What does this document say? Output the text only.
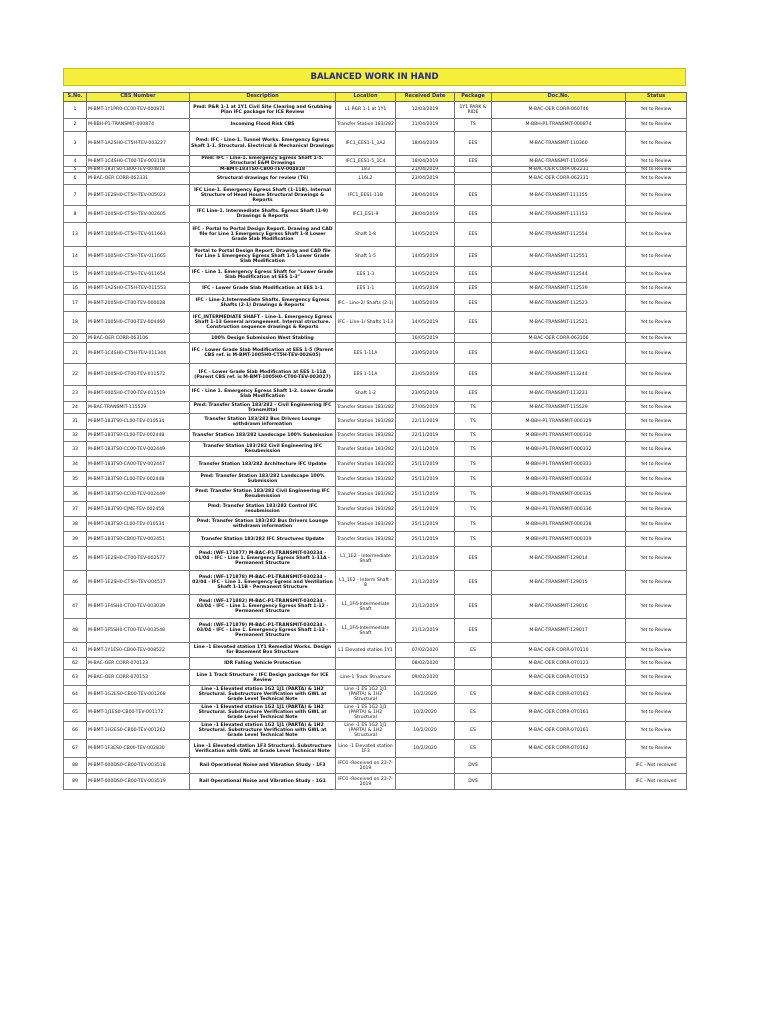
BALANCED WORK IN HAND
S.No.	CBS Number	Description	Location	Received Date	Package	Doc.No.	Status
1	M-BMT-1Y1PR0-CC00-TEV-000871	Pmd: P&R 1-1 at 1Y1 Civil Site Clearing and Grubbing Plan IFC package for ICE Review	L1 P&R 1-1 at 1Y1	12/03/2019	1Y1 PARK & RIDE	M-BAC-OER CORR-060746	Yet to Review
2	M-BBH-P1-TRANSMIT-000874	Incoming Flood Risk CBS	Transfer Station 183/282	11/04/2019	TS	M-BBH-P1-TRANSMIT-000874	Yet to Review
3	M-BMT-1A2SH0-CT5H-TEV-003227	Pmd: IFC - Line-1. Tunnel Works. Emergency Egress Shaft 1-1. Structural. Electrical & Mechanical Drawings	IFC1_EES1-1_1A2	18/04/2019	EES	M-BAC-TRANSMIT-110360	Yet to Review
4	M-BMT-1C4SH0-CT00-TEV-003158	Pmd: IFC - Line-1. Emergency Egress Shaft 1-5. Structural E&M Drawings	IFC1_EES1-5_1C4	18/04/2019	EES	M-BAC-TRANSMIT-110359	Yet to Review
5	M-BMT-183TS0-CB00-TEV-004818	M-BMT-183TS0-CB00-TEV-004818	183	21/04/2019		M-BAC-OER CORR-062231	Yet to Review
6	M-BAC-OER CORR-062331	Structural drawings for review (T6)	L16L2	23/04/2019		M-BAC-OER CORR-062331	Yet to Review
7	M-BMT-1E2SH0-CT5H-TEV-005023	IFC Line-1. Emergency Egress Shaft (1-11B). Internal Structure of Head House Structural Drawings & Reports	IFC1_EES1-11B	28/04/2019	EES	M-BAC-TRANSMIT-111155	Yet to Review
8	M-BMT-1005H0-CT5H-TEV-002605	IFC Line-1. Intermediate Shafts. Egress Shaft (1-9) Drawings & Reports	IFC1_ES1-9	28/04/2019	EES	M-BAC-TRANSMIT-111153	Yet to Review
13	M-BMT-1005H0-CT5H-TEV-011663	IFC - Portal to Portal Design Report. Drawing and CAD file for Line 1 Emergency Egress Shaft 1-8 Lower Grade Slab Modification	Shaft 1-8	14/05/2019	EES	M-BAC-TRANSMIT-112554	Yet to Review
14	M-BMT-1005H0-CT5H-TEV-011665	Portal to Portal Design Report. Drawing and CAD file for Line 1 Emergency Egress Shaft 1-5 Lower Grade Slab Modification	Shaft 1-5	14/05/2019	EES	M-BAC-TRANSMIT-112551	Yet to Review
15	M-BMT-1005H0-CT5H-TEV-011654	IFC - Line 1. Emergency Egress Shaft for "Lower Grade Slab Modification at EES 1-3"	EES 1-3	14/05/2019	EES	M-BAC-TRANSMIT-112544	Yet to Review
16	M-BMT-1A2SH0-CT5H-TEV-011553	IFC - Lower Grade Slab Modification at EES 1-1	EES 1-1	14/05/2019	EES	M-BAC-TRANSMIT-112539	Yet to Review
17	M-BMT-2005H0-CT00-TEV-000028	IFC - Line-2.Intermediate Shafts. Emergency Egress Shafts (2-1) Drawings & Reports	IFC - Line-2/ Shafts (2-1)	14/05/2019	EES	M-BAC-TRANSMIT-112523	Yet to Review
18	M-BMT-1005H0-CT00-TEV-004460	IFC_INTERMEDIATE SHAFT - Line-1. Emergency Egress Shaft 1-13 General arrangement. Internal structure. Construction sequence drawings & Reports	IFC - Line-1/ Shafts 1-13	14/05/2019	EES	M-BAC-TRANSMIT-112521	Yet to Review
20	M-BAC-OER CORR-063106	100% Design Submission West Stabling		16/05/2019		M-BAC-OER CORR-063106	Yet to Review
21	M-BMT-1C4SH0-CT5H-TEV-011344	IFC - Lower Grade Slab Modification at EES 1-5 (Parent CBS ref. is M-BMT-1005H0-CT5H-TEV-002605)	EES 1-11A	23/05/2019	EES	M-BAC-TRANSMIT-113261	Yet to Review
22	M-BMT-1005H0-CT00-TEV-011572	IFC - Lower Grade Slab Modification at EES 1-11A (Parent CBS ref. is M-BMT-1005H0-CT00-TEV-003027)	EES 1-11A	23/05/2019	EES	M-BAC-TRANSMIT-113244	Yet to Review
23	M-BMT-0005H0-CT00-TEV-011519	IFC - Line 1. Emergency Egress Shaft 1-2. Lower Grade Slab Modification	Shaft 1-2	23/05/2019	EES	M-BAC-TRANSMIT-113231	Yet to Review
24	M-BAC-TRANSMIT-115529	Pmd: Transfer Station 183/282 - Civil Engineering IFC Transmittal	Transfer Station 183/282	27/06/2019	TS	M-BAC-TRANSMIT-115529	Yet to Review
31	M-BMT-183TS0-CL00-TEV-010534	Transfer Station 183/282 Bus Drivers Lounge withdrawn information	Transfer Station 183/282	22/11/2019	TS	M-BBH-P1-TRANSMIT-000329	Yet to Review
32	M-BMT-183TS0-CL00-TEV-002448	Transfer Station 183/282 Landscape 100% Submission	Transfer Station 183/282	22/11/2019	TS	M-BBH-P1-TRANSMIT-000330	Yet to Review
33	M-BMT-183TS0-CC00-TEV-002449	Transfer Station 183/282 Civil Engineering IFC Resubmission	Transfer Station 183/282	22/11/2019	TS	M-BBH-P1-TRANSMIT-000332	Yet to Review
34	M-BMT-183TS0-CA00-TEV-002447	Transfer Station 183/282 Architecture IFC Update	Transfer Station 183/282	25/11/2019	TS	M-BBH-P1-TRANSMIT-000333	Yet to Review
35	M-BMT-183TS0-CL00-TEV-002448	Pmd: Transfer Station 183/282 Landscape 100% Submission	Transfer Station 183/282	25/11/2019	TS	M-BBH-P1-TRANSMIT-000334	Yet to Review
36	M-BMT-183TS0-CC00-TEV-002449	Pmd: Transfer Station 183/282 Civil Engineering IFC Resubmission	Transfer Station 183/282	25/11/2019	TS	M-BBH-P1-TRANSMIT-000335	Yet to Review
37	M-BMT-183TS0-CJME-TEV-002458	Pmd: Transfer Station 183/282 Control IFC resubmission	Transfer Station 183/282	25/11/2019	TS	M-BBH-P1-TRANSMIT-000336	Yet to Review
38	M-BMT-183TS0-CL00-TEV-010534	Pmd: Transfer Station 183/282 Bus Drivers Lounge withdrawn information	Transfer Station 183/282	25/11/2019	TS	M-BBH-P1-TRANSMIT-000338	Yet to Review
39	M-BMT-183TS0-CB00-TEV-002451	Transfer Station 183/282 IFC Structures Update	Transfer Station 183/282	25/11/2019	TS	M-BBH-P1-TRANSMIT-000339	Yet to Review
45	M-BMT-1E2SH0-CT00-TEV-002577	Pmd: (WF-171877) M-BAC-P1-TRANSMIT-030234 - 01/04 - IFC - Line 1. Emergency Egress Shaft 1-11A - Permanent Structure	L1_1E2 - Intermediate Shaft	21/12/2019	EES	M-BAC-TRANSMIT-129014	Yet to Review
46	M-BMT-1E2SH0-CT5H-TEV-004517	Pmd: (WF-171878) M-BAC-P1-TRANSMIT-030234 - 02/04 - IFC - Line 1. Emergency Egress and Ventilation Shaft 1-11B - Permanent Structure	L1_1E2 - Interm Shaft - 8	21/12/2019	EES	M-BAC-TRANSMIT-129015	Yet to Review
47	M-BMT-1F4SH0-CT00-TEV-003039	Pmd: (WF-171882) M-BAC-P1-TRANSMIT-030234 - 03/04 - IFC - Line 1. Emergency Egress Shaft 1-12 - Permanent Structure	L1_1F4-Intermediate Shaft	21/12/2019	EES	M-BAC-TRANSMIT-129016	Yet to Review
48	M-BMT-1F5SH0-CT00-TEV-003548	Pmd: (WF-171879) M-BAC-P1-TRANSMIT-030234 - 03/04 - IFC - Line 1. Emergency Egress Shaft 1-13 - Permanent Structure	L1_1F4-Intermediate Shaft	21/12/2019	EES	M-BAC-TRANSMIT-129017	Yet to Review
61	M-BMT-1Y1ES0-CB00-TEV-008522	Line -1 Elevated station 1Y1 Remedial Works. Design for Basement Box Structure	L1 Elevated station 1Y1	07/02/2020	ES	M-BAC-OER CORR-070110	Yet to Review
62	M-BAC-OER CORR-070123	IDR Falling Vehicle Protection		08/02/2020		M-BAC-OER CORR-070123	Yet to Review
63	M-BAC-OER CORR-070153	Line 1 Track Structure : IFC Design package for ICE Review	Line-1 Track Structure	09/02/2020		M-BAC-OER CORR-070153	Yet to Review
64	M-BMT-1G2ES0-CB00-TEV-001268	Line -1 Elevated station 1G2 1J1 (PARTA) & 1H2 Structural. Substructure Verification with GWL at Grade Level Technical Note	Line -1 ES 1G2 1J1 (PARTA) & 1H2 Structural	10/2/2020	ES	M-BAC-OER CORR-070161	Yet to Review
65	M-BMT-1J1ES0-CB00-TEV-001172	Line -1 Elevated station 1G2 1J1 (PARTA) & 1H2 Structural. Substructure Verification with GWL at Grade Level Technical Note	Line -1 ES 1G2 1J1 (PARTA) & 1H2 Structural	10/2/2020	ES	M-BAC-OER CORR-070161	Yet to Review
66	M-BMT-1H2ES0-CB00-TEV-001262	Line -1 Elevated station 1G2 1J1 (PARTA) & 1H2 Structural. Substructure Verification with GWL at Grade Level Technical Note	Line -1 ES 1G2 1J1 (PARTA) & 1H2 Structural	10/2/2020	ES	M-BAC-OER CORR-070161	Yet to Review
67	M-BMT-1F3ES0-CB00-TEV-002830	Line -1 Elevated station 1F3 Structural. Substructure Verification with GWL at Grade Level Technical Note	Line -1 Elevated station 1F3	10/2/2020	ES	M-BAC-OER CORR-070162	Yet to Review
88	M-BMT-000DS0-CB00-TEV-003518	Rail Operational Noise and Vibration Study - 1F3	IFC0 -Received on 23-7-2019		DVS		IFC - Not received
89	M-BMT-000DS0-CB00-TEV-003519	Rail Operational Noise and Vibration Study - 1G1	IFC0 -Received on 23-7-2019		DVS		IFC - Not received
